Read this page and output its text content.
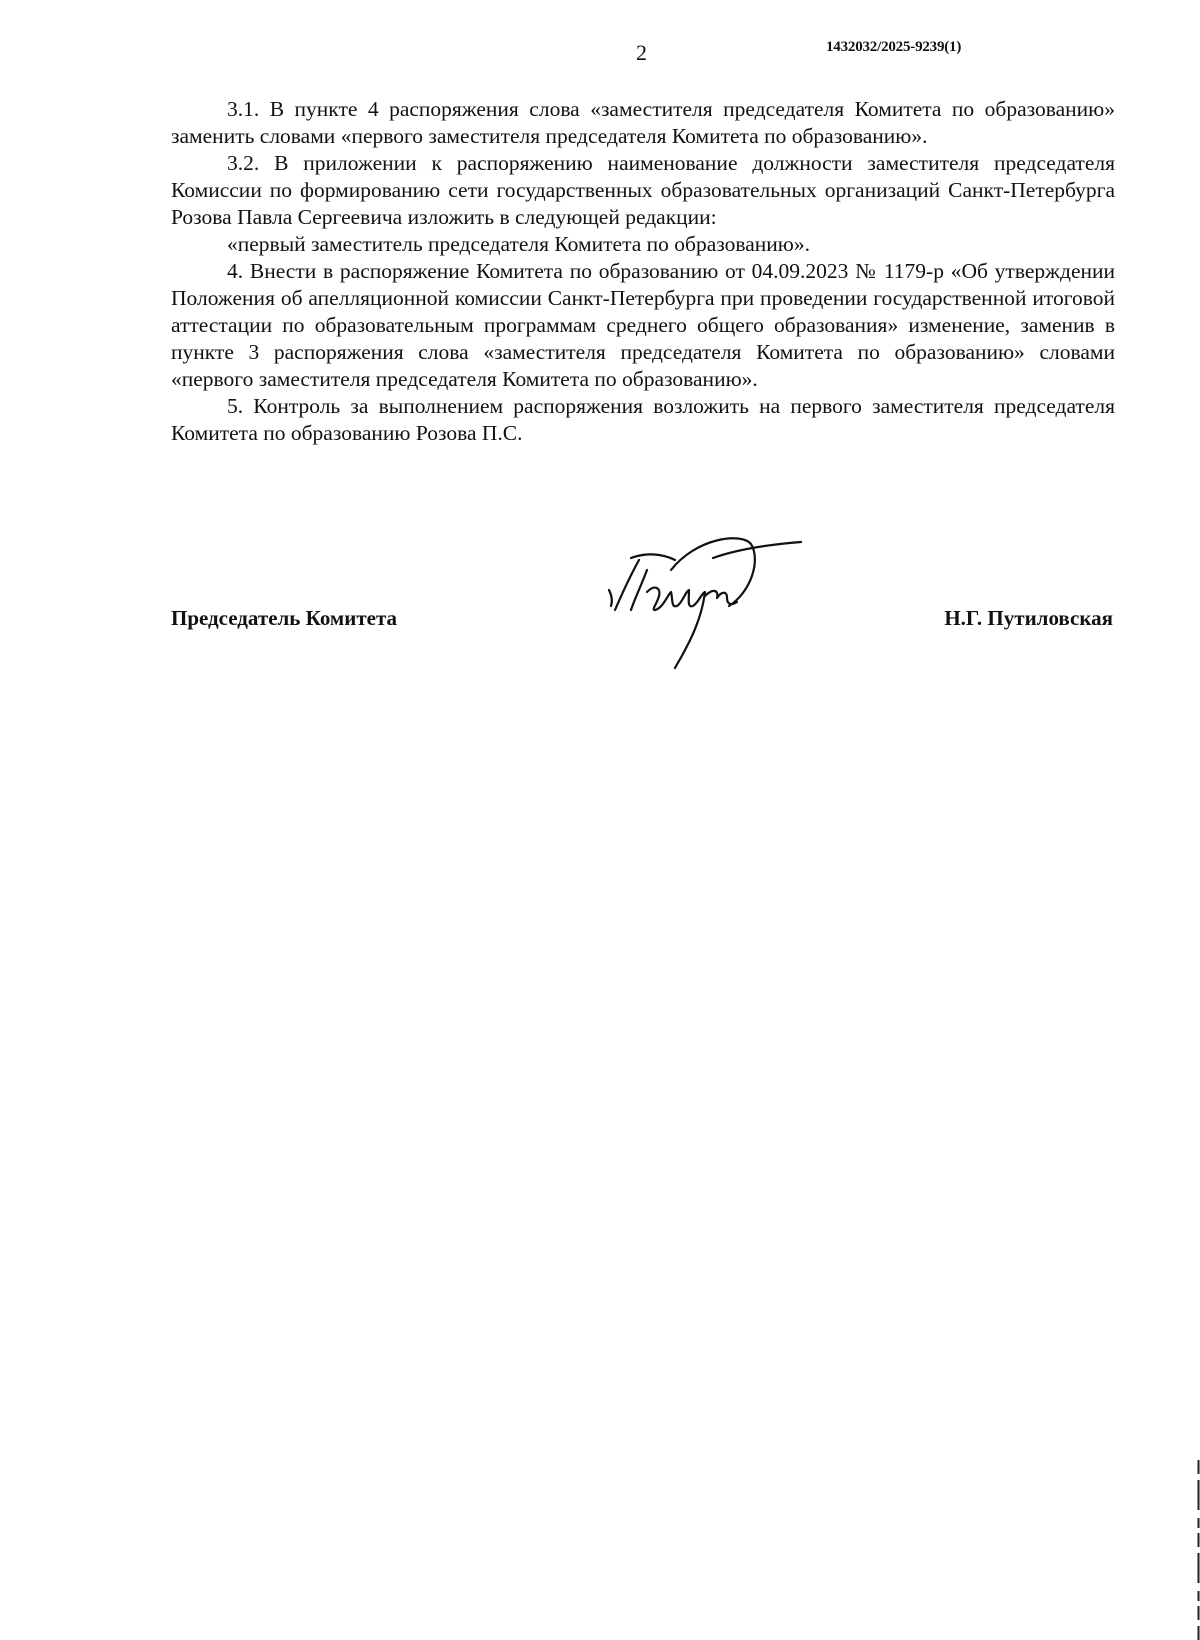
2	1432032/2025-9239(1)

3.1. В пункте 4 распоряжения слова «заместителя председателя Комитета по образованию» заменить словами «первого заместителя председателя Комитета по образованию».

3.2. В приложении к распоряжению наименование должности заместителя председателя Комиссии по формированию сети государственных образовательных организаций Санкт-Петербурга Розова Павла Сергеевича изложить в следующей редакции:

«первый заместитель председателя Комитета по образованию».

4. Внести в распоряжение Комитета по образованию от 04.09.2023 № 1179-р «Об утверждении Положения об апелляционной комиссии Санкт-Петербурга при проведении государственной итоговой аттестации по образовательным программам среднего общего образования» изменение, заменив в пункте 3 распоряжения слова «заместителя председателя Комитета по образованию» словами «первого заместителя председателя Комитета по образованию».

5. Контроль за выполнением распоряжения возложить на первого заместителя председателя Комитета по образованию Розова П.С.

Председатель Комитета	Н.Г. Путиловская
